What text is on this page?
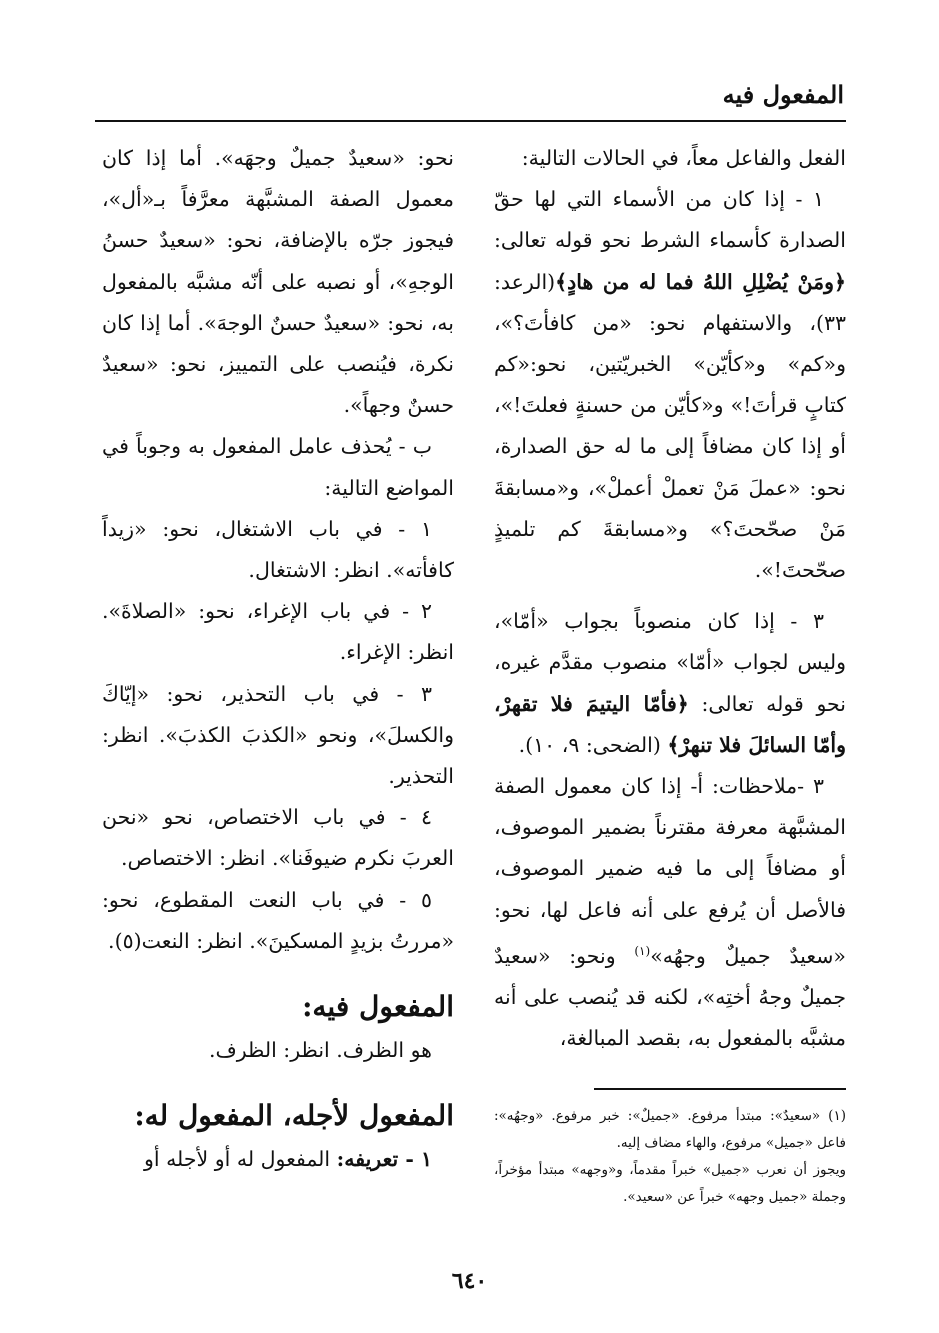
المفعول فيه

الفعل والفاعل معاً، في الحالات التالية:

١ - إذا كان من الأسماء التي لها حقّ الصدارة كأسماء الشرط نحو قوله تعالى: ﴿ومَنْ يُضْلِلِ اللهُ فما له من هادٍ﴾(الرعد: ٣٣)، والاستفهام نحو: «من كافأتَ؟»، و«كم» و«كأيّن» الخبريّتين، نحو:«كم كتابٍ قرأتَ!» و«كأيّن من حسنةٍ فعلتَ!»، أو إذا كان مضافاً إلى ما له حق الصدارة، نحو: «عملَ مَنْ تعملْ أعملْ»، و«مسابقةَ مَنْ صحّحتَ؟» و«مسابقةَ كم تلميذٍ صحّحتَ!».

٣ - إذا كان منصوباً بجواب «أمّا»، وليس لجواب «أمّا» منصوب مقدَّم غيره، نحو قوله تعالى: ﴿فأمّا اليتيمَ فلا تقهرْ، وأمّا السائلَ فلا تنهرْ﴾ (الضحى: ٩، ١٠).

٣ -ملاحظات: أ- إذا كان معمول الصفة المشبَّهة معرفة مقترناً بضمير الموصوف، أو مضافاً إلى ما فيه ضمير الموصوف، فالأصل أن يُرفع على أنه فاعل لها، نحو: «سعيدٌ جميلٌ وجهُه»$^{(١)}$ ونحو: «سعيدٌ جميلٌ وجهُ أختِه»، لكنه قد يُنصب على أنه مشبَّه بالمفعول به، بقصد المبالغة،

نحو: «سعيدٌ جميلٌ وجهَه». أما إذا كان معمول الصفة المشبَّهة معرَّفاً بـ«أل»، فيجوز جرّه بالإضافة، نحو: «سعيدٌ حسنُ الوجهِ»، أو نصبه على أنّه مشبَّه بالمفعول به، نحو: «سعيدٌ حسنٌ الوجهَ». أما إذا كان نكرة، فيُنصب على التمييز، نحو: «سعيدٌ حسنٌ وجهاً».

ب - يُحذف عامل المفعول به وجوباً في المواضع التالية:

١ - في باب الاشتغال، نحو: «زيداً كافأته». انظر: الاشتغال.

٢ - في باب الإغراء، نحو: «الصلاةَ». انظر: الإغراء.

٣ - في باب التحذير، نحو: «إيّاكَ والكسلَ»، ونحو «الكذبَ الكذبَ». انظر: التحذير.

٤ - في باب الاختصاص، نحو «نحن العربَ نكرم ضيوفَنا». انظر: الاختصاص.

٥ - في باب النعت المقطوع، نحو: «مررتُ بزيدٍ المسكينَ». انظر: النعت(٥).

المفعول فيه:

هو الظرف. انظر: الظرف.

المفعول لأجله، المفعول له:

١ - تعريفه: المفعول له أو لأجله أو

(١) «سعيدٌ»: مبتدأ مرفوع. «جميلٌ»: خبر مرفوع. «وجهُه»: فاعل «جميل» مرفوع، والهاء مضاف إليه.

ويجوز أن نعرب «جميل» خبراً مقدماً، و«وجهه» مبتدأ مؤخراً، وجملة «جميل وجهه» خبراً عن «سعيد».

٦٤٠
